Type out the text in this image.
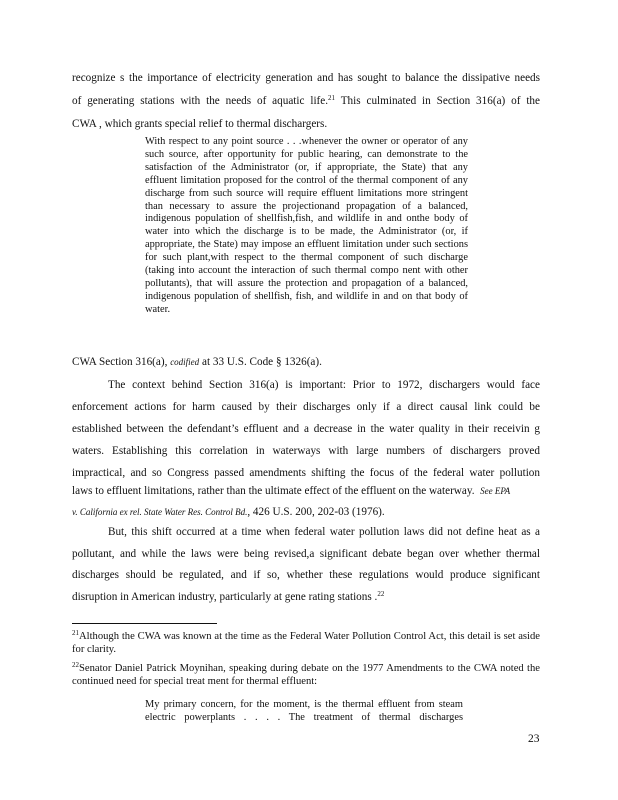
recognize s the importance of electricity generation and has sought to balance the dissipative needs
of generating stations with the needs of aquatic life.$^{21}$ This culminated in Section 316(a) of the
CWA , which grants special relief to thermal dischargers.
With respect to any point source . . .whenever the owner or operator of any such source, after opportunity for public hearing, can demonstrate to the satisfaction of the Administrator (or, if appropriate, the State) that any effluent limitation proposed for the control of the thermal component of any discharge from such source will require effluent limitations more stringent than necessary to assure the projectionand propagation of a balanced, indigenous population of shellfish,fish, and wildlife in and onthe body of water into which the discharge is to be made, the Administrator (or, if appropriate, the State) may impose an effluent limitation under such sections for such plant,with respect to the thermal component of such discharge (taking into account the interaction of such thermal compo nent with other pollutants), that will assure the protection and propagation of a balanced, indigenous population of shellfish, fish, and wildlife in and on that body of water.
CWA Section 316(a), codified at 33 U.S. Code § 1326(a).
The context behind Section 316(a) is important: Prior to 1972, dischargers would face
enforcement actions for harm caused by their discharges only if a direct causal link could be
established between the defendant’s effluent and a decrease in the water quality in their receivin g
waters. Establishing this correlation in waterways with large numbers of dischargers proved
impractical, and so Congress passed amendments shifting the focus of the federal water pollution
laws to effluent limitations, rather than the ultimate effect of the effluent on the waterway. See EPA
v. California ex rel. State Water Res. Control Bd., 426 U.S. 200, 202-03 (1976).
But, this shift occurred at a time when federal water pollution laws did not define heat as a
pollutant, and while the laws were being revised,a significant debate began over whether thermal
discharges should be regulated, and if so, whether these regulations would produce significant
disruption in American industry, particularly at gene rating stations .$^{22}$
$^{21}$Although the CWA was known at the time as the Federal Water Pollution Control Act, this detail is set aside for clarity.
$^{22}$Senator Daniel Patrick Moynihan, speaking during debate on the 1977 Amendments to the CWA noted the continued need for special treat ment for thermal effluent:
My primary concern, for the moment, is the thermal effluent from steam electric powerplants . . . . The treatment of thermal discharges
23
